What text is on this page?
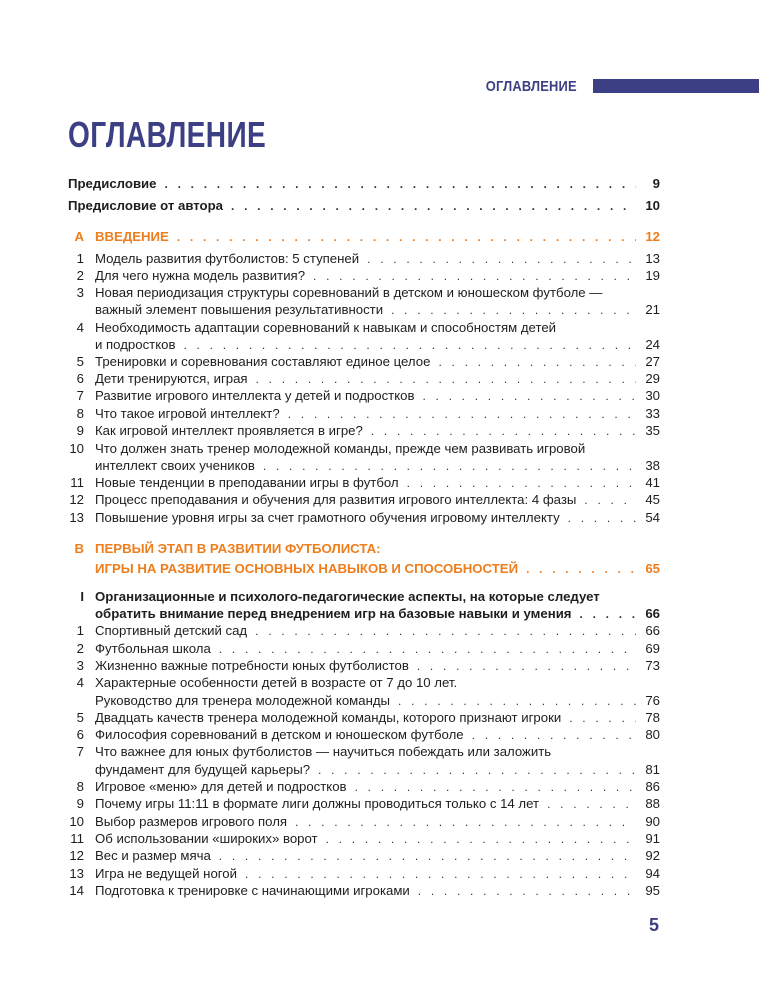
ОГЛАВЛЕНИЕ
ОГЛАВЛЕНИЕ
Предисловие . . .	9
Предисловие от автора . . .	10
A ВВЕДЕНИЕ . . .	12
1 Модель развития футболистов: 5 ступеней . . .	13
2 Для чего нужна модель развития? . . .	19
3 Новая периодизация структуры соревнований в детском и юношеском футболе —
важный элемент повышения результативности . . .	21
4 Необходимость адаптации соревнований к навыкам и способностям детей
и подростков . . .	24
5 Тренировки и соревнования составляют единое целое . . .	27
6 Дети тренируются, играя . . .	29
7 Развитие игрового интеллекта у детей и подростков . . .	30
8 Что такое игровой интеллект? . . .	33
9 Как игровой интеллект проявляется в игре? . . .	35
10 Что должен знать тренер молодежной команды, прежде чем развивать игровой
интеллект своих учеников . . .	38
11 Новые тенденции в преподавании игры в футбол . . .	41
12 Процесс преподавания и обучения для развития игрового интеллекта: 4 фазы . . .	45
13 Повышение уровня игры за счет грамотного обучения игровому интеллекту . . .	54
B ПЕРВЫЙ ЭТАП В РАЗВИТИИ ФУТБОЛИСТА:
ИГРЫ НА РАЗВИТИЕ ОСНОВНЫХ НАВЫКОВ И СПОСОБНОСТЕЙ . . .	65
I Организационные и психолого-педагогические аспекты, на которые следует
обратить внимание перед внедрением игр на базовые навыки и умения . . .	66
1 Спортивный детский сад . . .	66
2 Футбольная школа . . .	69
3 Жизненно важные потребности юных футболистов . . .	73
4 Характерные особенности детей в возрасте от 7 до 10 лет.
Руководство для тренера молодежной команды . . .	76
5 Двадцать качеств тренера молодежной команды, которого признают игроки . . .	78
6 Философия соревнований в детском и юношеском футболе . . .	80
7 Что важнее для юных футболистов — научиться побеждать или заложить
фундамент для будущей карьеры? . . .	81
8 Игровое «меню» для детей и подростков . . .	86
9 Почему игры 11:11 в формате лиги должны проводиться только с 14 лет . . .	88
10 Выбор размеров игрового поля . . .	90
11 Об использовании «широких» ворот . . .	91
12 Вес и размер мяча . . .	92
13 Игра не ведущей ногой . . .	94
14 Подготовка к тренировке с начинающими игроками . . .	95
5
